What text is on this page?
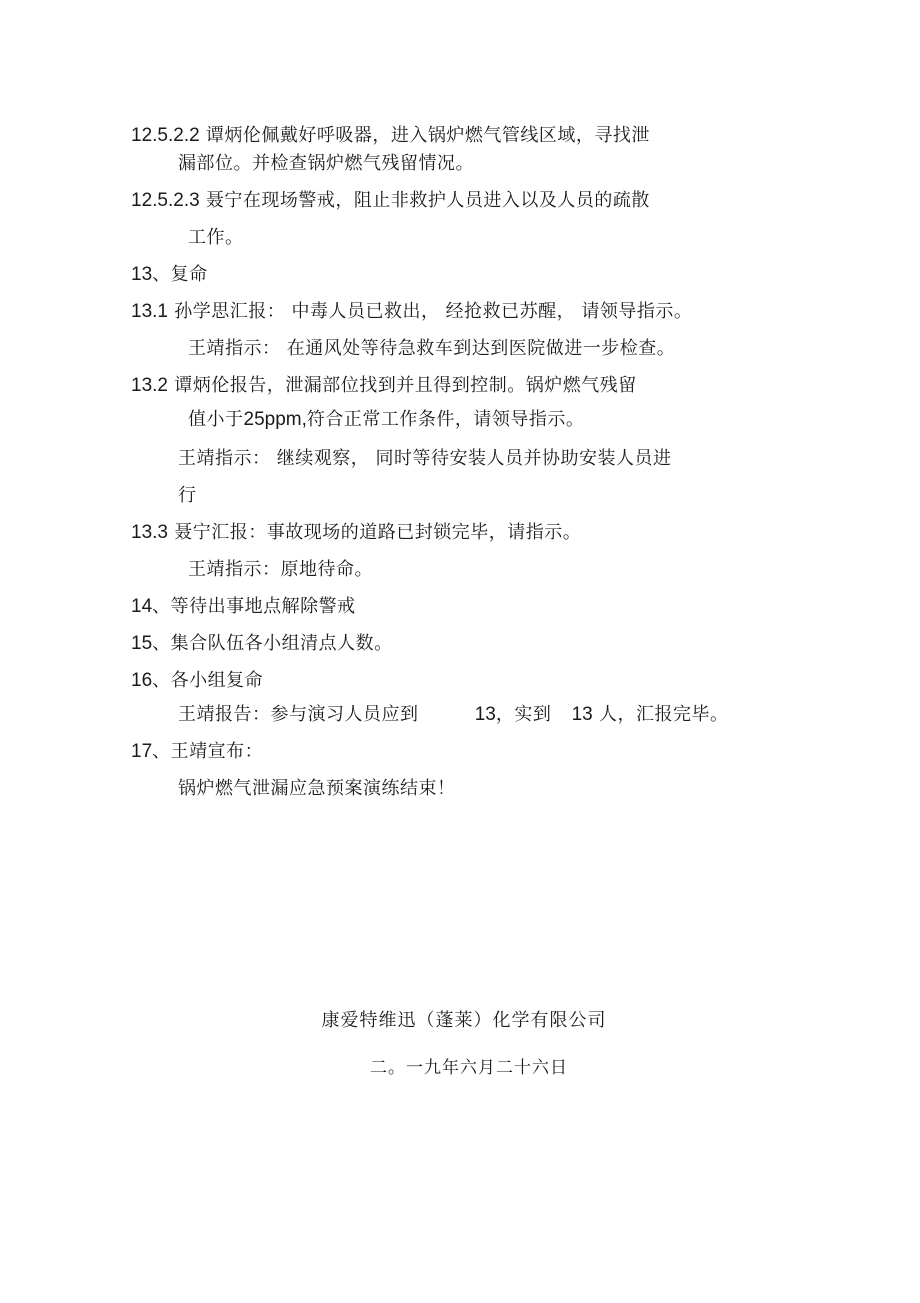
12.5.2.2 谭炳伦佩戴好呼吸器，进入锅炉燃气管线区域，寻找泄
漏部位。并检查锅炉燃气残留情况。
12.5.2.3 聂宁在现场警戒，阻止非救护人员进入以及人员的疏散
工作。
13、复命
13.1 孙学思汇报： 中毒人员已救出， 经抢救已苏醒， 请领导指示。
王靖指示： 在通风处等待急救车到达到医院做进一步检查。
13.2 谭炳伦报告，泄漏部位找到并且得到控制。锅炉燃气残留
值小于25ppm,符合正常工作条件，请领导指示。
王靖指示： 继续观察， 同时等待安装人员并协助安装人员进
行
13.3 聂宁汇报：事故现场的道路已封锁完毕，请指示。
王靖指示：原地待命。
14、等待出事地点解除警戒
15、集合队伍各小组清点人数。
16、各小组复命
王靖报告：参与演习人员应到	13，实到 13 人，汇报完毕。
17、王靖宣布：
锅炉燃气泄漏应急预案演练结束！
康爱特维迅（蓬莱）化学有限公司
二。一九年六月二十六日
